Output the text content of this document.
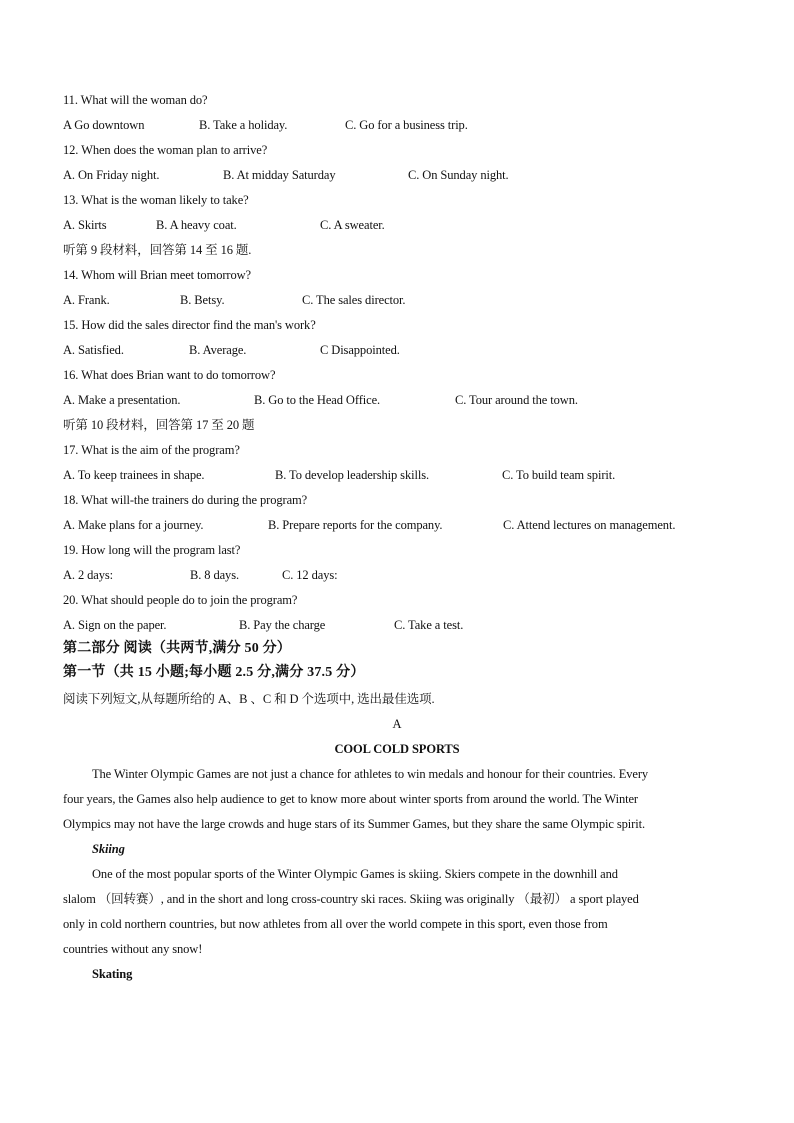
11. What will the woman do?
A Go downtown	B. Take a holiday.	C. Go for a business trip.
12. When does the woman plan to arrive?
A. On Friday night.	B. At midday Saturday	C. On Sunday night.
13. What is the woman likely to take?
A. Skirts	B. A heavy coat.	C. A sweater.
听第 9 段材料，回答第 14 至 16 题.
14. Whom will Brian meet tomorrow?
A. Frank.	B. Betsy.	C. The sales director.
15. How did the sales director find the man's work?
A. Satisfied.	B. Average.	C Disappointed.
16. What does Brian want to do tomorrow?
A. Make a presentation.	B. Go to the Head Office.	C. Tour around the town.
听第 10 段材料，回答第 17 至 20 题
17. What is the aim of the program?
A. To keep trainees in shape.	B. To develop leadership skills.	C. To build team spirit.
18. What will-the trainers do during the program?
A. Make plans for a journey.	B. Prepare reports for the company.	C. Attend lectures on management.
19. How long will the program last?
A. 2 days:	B. 8 days.	C. 12 days:
20. What should people do to join the program?
A. Sign on the paper.	B. Pay the charge	C. Take a test.
第二部分 阅读（共两节,满分 50 分）
第一节（共 15 小题;每小题 2.5 分,满分 37.5 分）
阅读下列短文,从每题所给的 A、B 、C 和 D 个选项中, 选出最佳选项.
A
COOL COLD SPORTS
The Winter Olympic Games are not just a chance for athletes to win medals and honour for their countries. Every
four years, the Games also help audience to get to know more about winter sports from around the world. The Winter
Olympics may not have the large crowds and huge stars of its Summer Games, but they share the same Olympic spirit.
Skiing
One of the most popular sports of the Winter Olympic Games is skiing. Skiers compete in the downhill and
slalom （回转赛）, and in the short and long cross-country ski races. Skiing was originally （最初） a sport played
only in cold northern countries, but now athletes from all over the world compete in this sport, even those from
countries without any snow!
Skating
